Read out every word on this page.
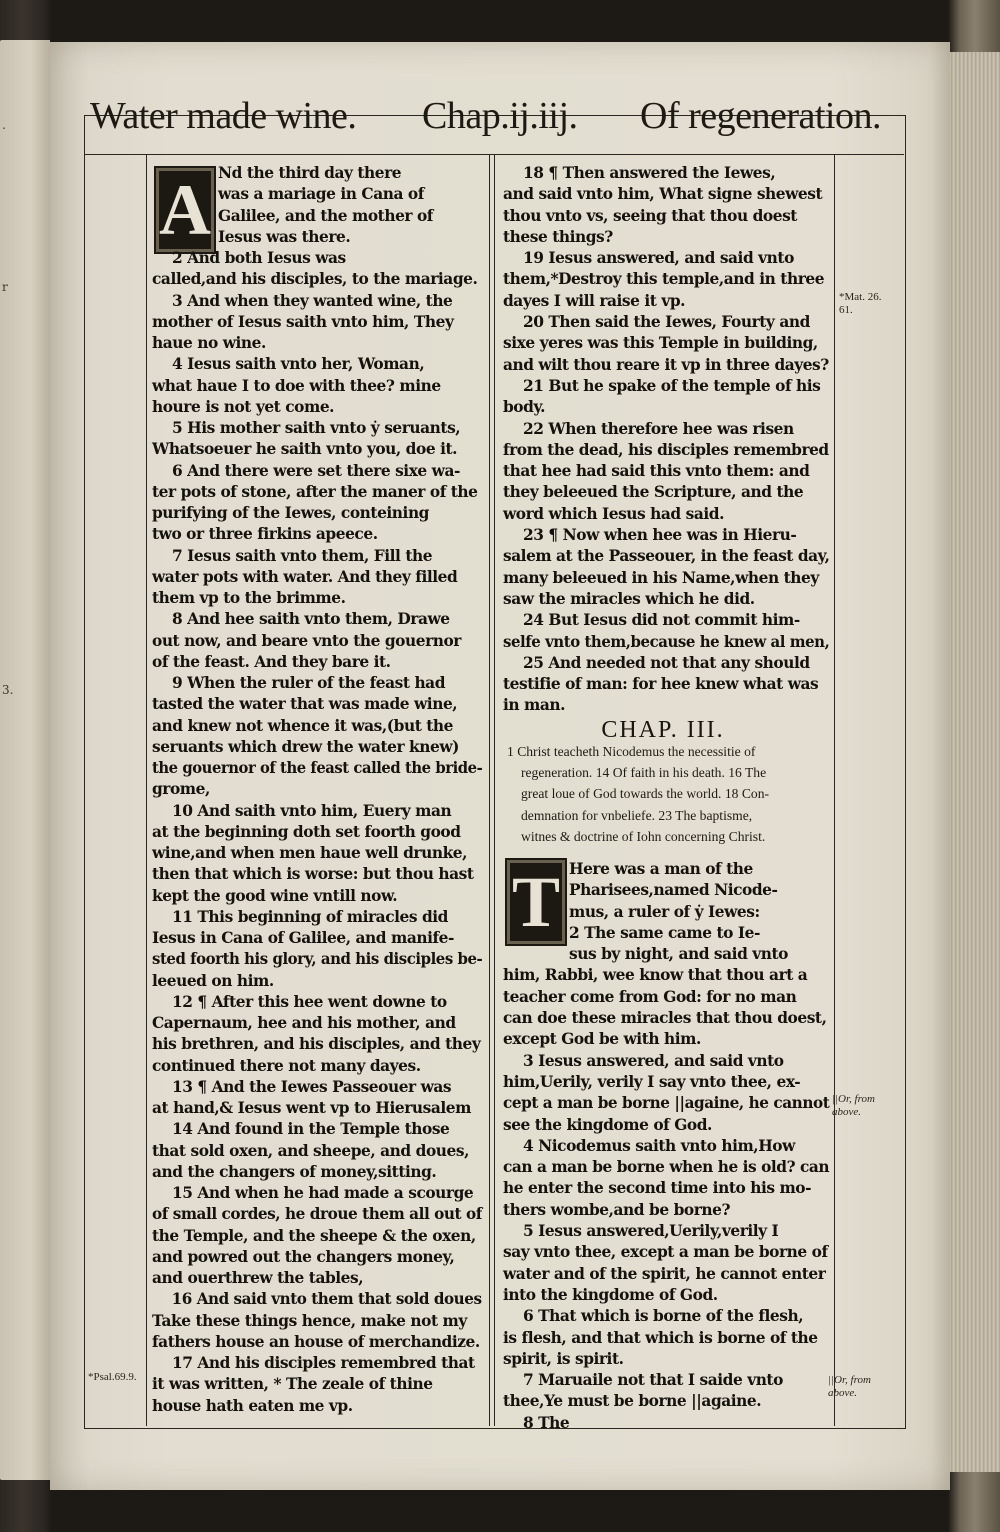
.
r
3.
Water made wine. Chap.ij.iij. Of regeneration.
A
T
Nd the third day there
was a mariage in Cana of
Galilee, and the mother of
Iesus was there.
2 And both Iesus was
called,and his disciples, to the mariage.
3 And when they wanted wine, the
mother of Iesus saith vnto him, They
haue no wine.
4 Iesus saith vnto her, Woman,
what haue I to doe with thee? mine
houre is not yet come.
5 His mother saith vnto ẏ seruants,
Whatsoeuer he saith vnto you, doe it.
6 And there were set there sixe wa-
ter pots of stone, after the maner of the
purifying of the Iewes, conteining
two or three firkins apeece.
7 Iesus saith vnto them, Fill the
water pots with water. And they filled
them vp to the brimme.
8 And hee saith vnto them, Drawe
out now, and beare vnto the gouernor
of the feast. And they bare it.
9 When the ruler of the feast had
tasted the water that was made wine,
and knew not whence it was,(but the
seruants which drew the water knew)
the gouernor of the feast called the bride-
grome,
10 And saith vnto him, Euery man
at the beginning doth set foorth good
wine,and when men haue well drunke,
then that which is worse: but thou hast
kept the good wine vntill now.
11 This beginning of miracles did
Iesus in Cana of Galilee, and manife-
sted foorth his glory, and his disciples be-
leeued on him.
12 ¶ After this hee went downe to
Capernaum, hee and his mother, and
his brethren, and his disciples, and they
continued there not many dayes.
13 ¶ And the Iewes Passeouer was
at hand,& Iesus went vp to Hierusalem
14 And found in the Temple those
that sold oxen, and sheepe, and doues,
and the changers of money,sitting.
15 And when he had made a scourge
of small cordes, he droue them all out of
the Temple, and the sheepe & the oxen,
and powred out the changers money,
and ouerthrew the tables,
16 And said vnto them that sold doues
Take these things hence, make not my
fathers house an house of merchandize.
17 And his disciples remembred that
it was written, * The zeale of thine
house hath eaten me vp.
18 ¶ Then answered the Iewes,
and said vnto him, What signe shewest
thou vnto vs, seeing that thou doest
these things?
19 Iesus answered, and said vnto
them,*Destroy this temple,and in three
dayes I will raise it vp.
20 Then said the Iewes, Fourty and
sixe yeres was this Temple in building,
and wilt thou reare it vp in three dayes?
21 But he spake of the temple of his
body.
22 When therefore hee was risen
from the dead, his disciples remembred
that hee had said this vnto them: and
they beleeued the Scripture, and the
word which Iesus had said.
23 ¶ Now when hee was in Hieru-
salem at the Passeouer, in the feast day,
many beleeued in his Name,when they
saw the miracles which he did.
24 But Iesus did not commit him-
selfe vnto them,because he knew al men,
25 And needed not that any should
testifie of man: for hee knew what was
in man.
CHAP. III.
1 Christ teacheth Nicodemus the necessitie of
regeneration. 14 Of faith in his death. 16 The
great loue of God towards the world. 18 Con-
demnation for vnbeliefe. 23 The baptisme,
witnes & doctrine of Iohn concerning Christ.
Here was a man of the
Pharisees,named Nicode-
mus, a ruler of ẏ Iewes:
2 The same came to Ie-
sus by night, and said vnto
him, Rabbi, wee know that thou art a
teacher come from God: for no man
can doe these miracles that thou doest,
except God be with him.
3 Iesus answered, and said vnto
him,Uerily, verily I say vnto thee, ex-
cept a man be borne ||againe, he cannot
see the kingdome of God.
4 Nicodemus saith vnto him,How
can a man be borne when he is old? can
he enter the second time into his mo-
thers wombe,and be borne?
5 Iesus answered,Uerily,verily I
say vnto thee, except a man be borne of
water and of the spirit, he cannot enter
into the kingdome of God.
6 That which is borne of the flesh,
is flesh, and that which is borne of the
spirit, is spirit.
7 Maruaile not that I saide vnto
thee,Ye must be borne ||againe.
8 The
*Psal.69.9.
*Mat. 26.
61.
||Or, from
above.
||Or, from
above.
